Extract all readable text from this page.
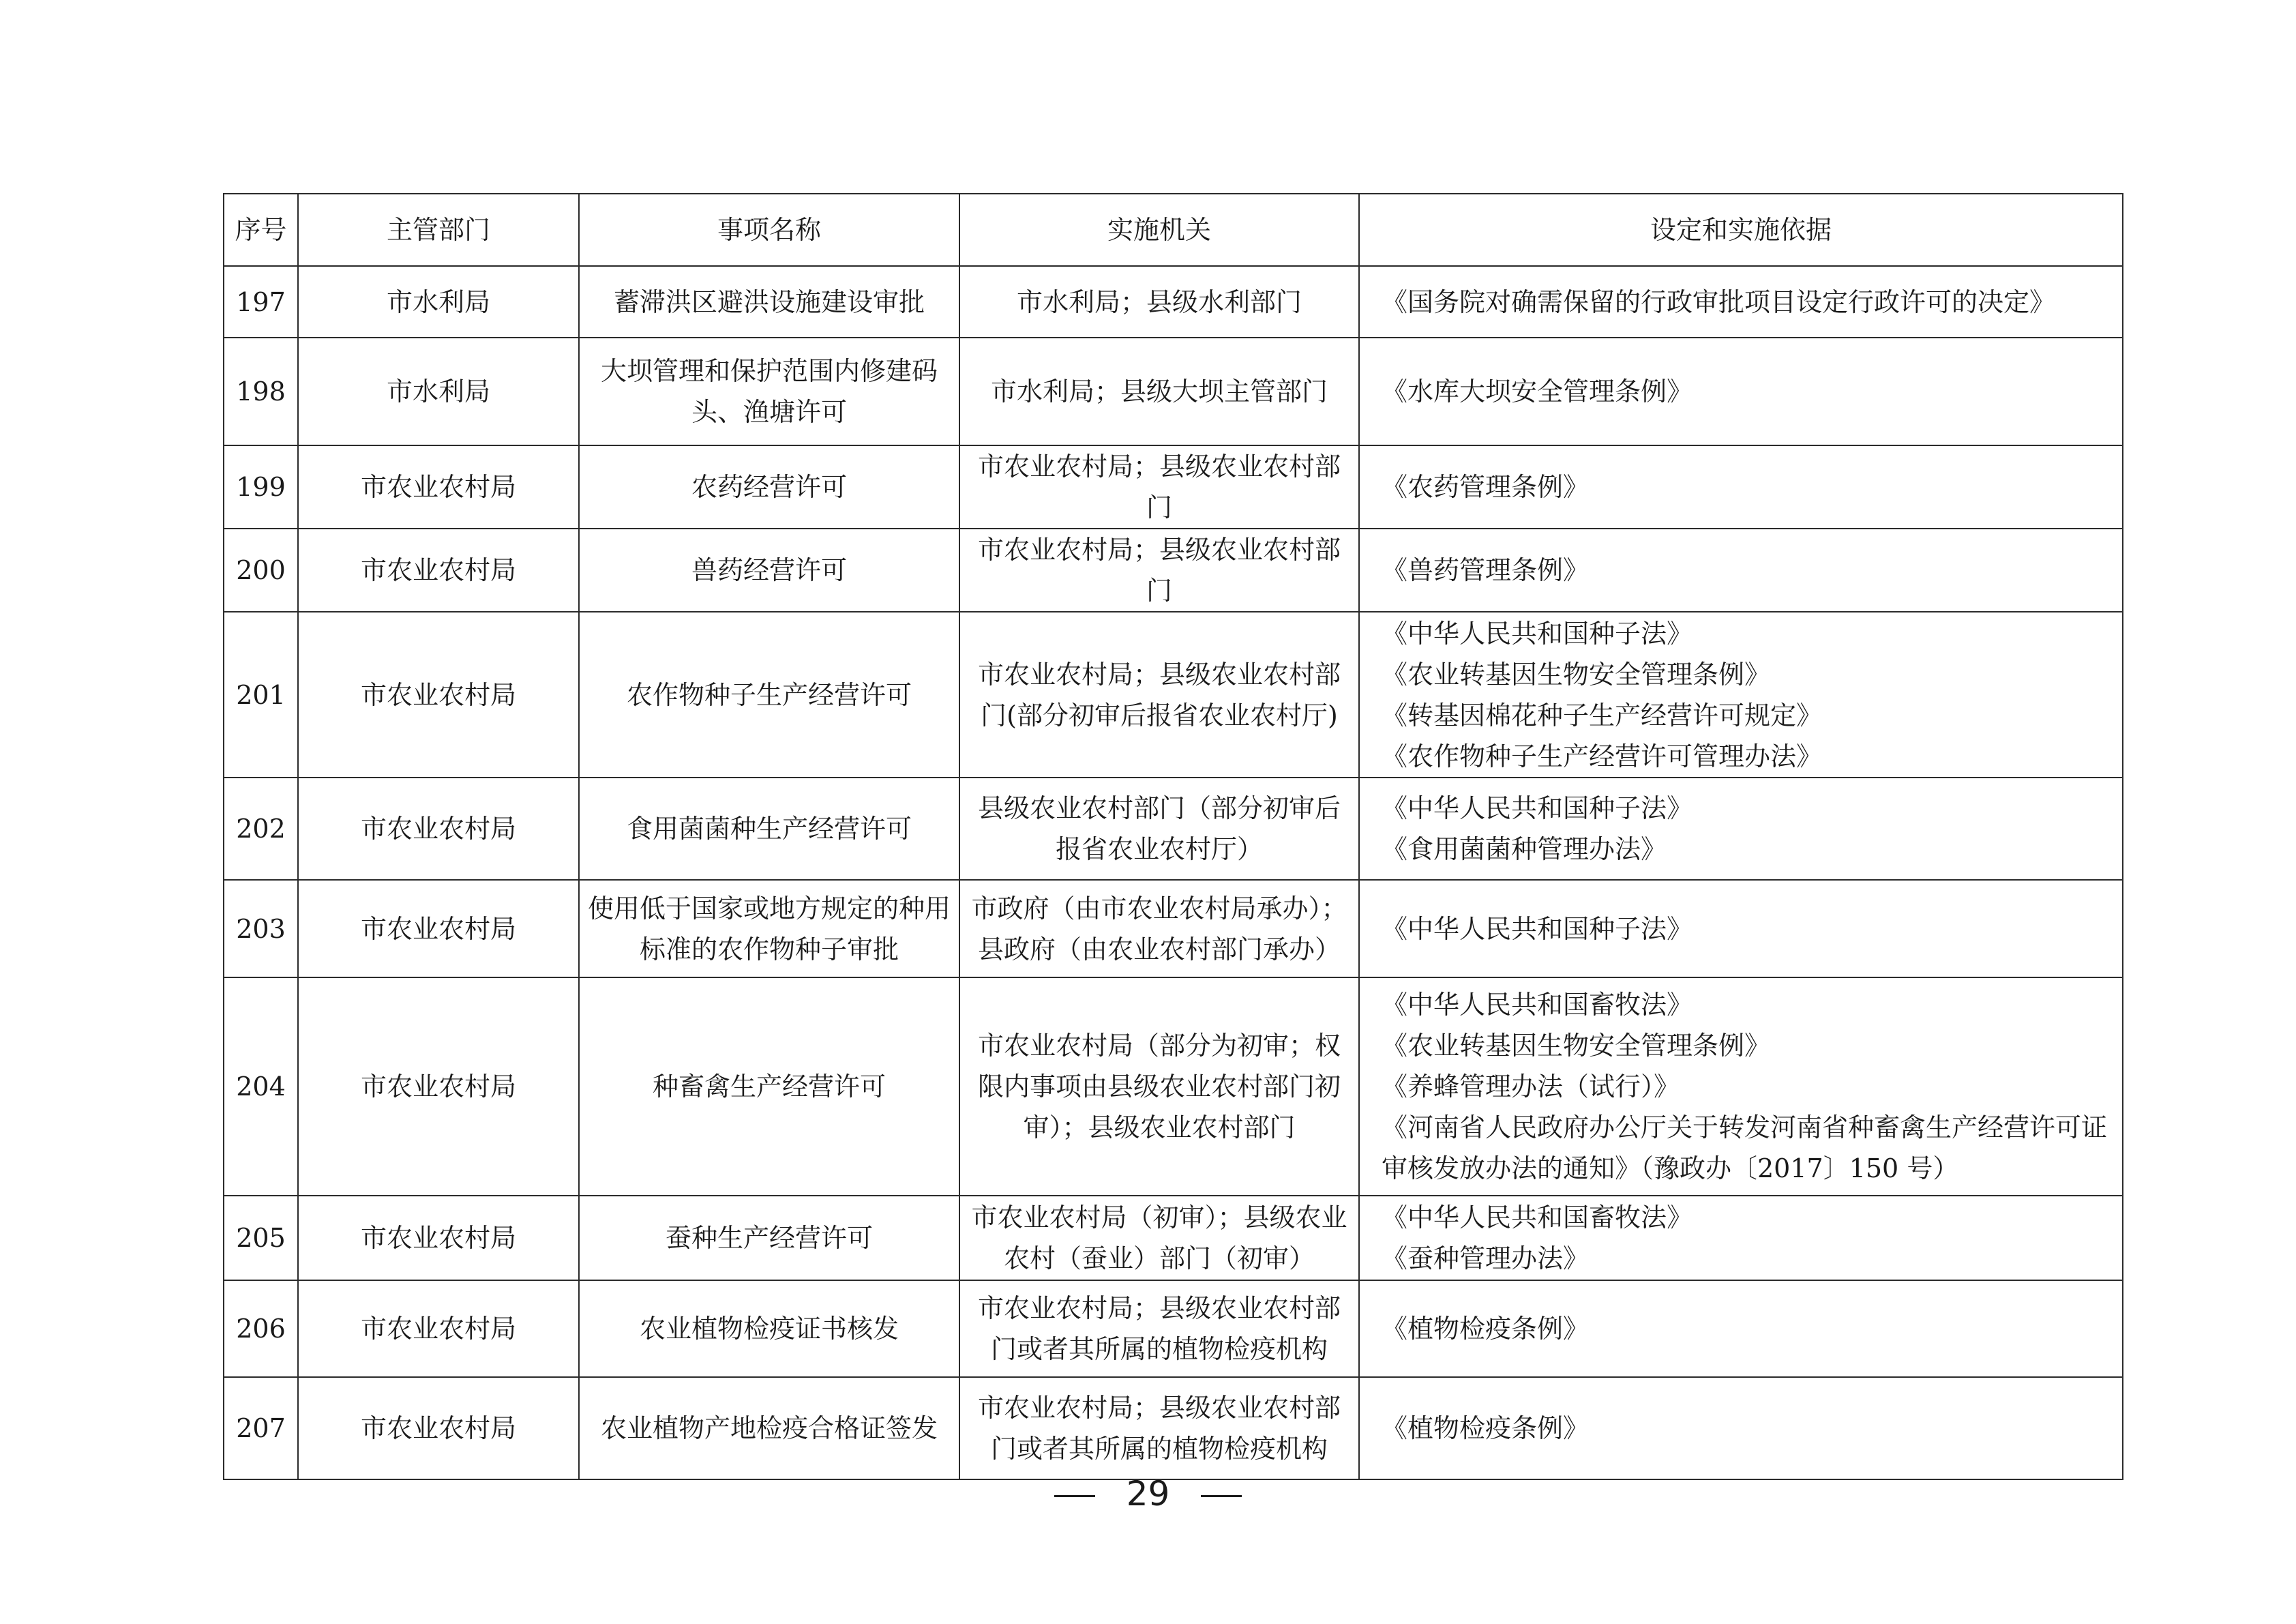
序号	主管部门	事项名称	实施机关	设定和实施依据
197	市水利局	蓄滞洪区避洪设施建设审批	市水利局；县级水利部门	《国务院对确需保留的行政审批项目设定行政许可的决定》

198	市水利局	大坝管理和保护范围内修建码头、渔塘许可	市水利局；县级大坝主管部门	《水库大坝安全管理条例》

199	市农业农村局	农药经营许可	市农业农村局；县级农业农村部门	《农药管理条例》

200	市农业农村局	兽药经营许可	市农业农村局；县级农业农村部门	《兽药管理条例》

201	市农业农村局	农作物种子生产经营许可	市农业农村局；县级农业农村部门(部分初审后报省农业农村厅)	《中华人民共和国种子法》
《农业转基因生物安全管理条例》
《转基因棉花种子生产经营许可规定》
《农作物种子生产经营许可管理办法》

202	市农业农村局	食用菌菌种生产经营许可	县级农业农村部门（部分初审后报省农业农村厅）	《中华人民共和国种子法》
《食用菌菌种管理办法》

203	市农业农村局	使用低于国家或地方规定的种用标准的农作物种子审批	市政府（由市农业农村局承办）；县政府（由农业农村部门承办）	《中华人民共和国种子法》

204	市农业农村局	种畜禽生产经营许可	市农业农村局（部分为初审；权限内事项由县级农业农村部门初审）；县级农业农村部门	《中华人民共和国畜牧法》
《农业转基因生物安全管理条例》
《养蜂管理办法（试行）》
《河南省人民政府办公厅关于转发河南省种畜禽生产经营许可证审核发放办法的通知》（豫政办〔2017〕150 号）

205	市农业农村局	蚕种生产经营许可	市农业农村局（初审）；县级农业农村（蚕业）部门（初审）	《中华人民共和国畜牧法》
《蚕种管理办法》

206	市农业农村局	农业植物检疫证书核发	市农业农村局；县级农业农村部门或者其所属的植物检疫机构	《植物检疫条例》

207	市农业农村局	农业植物产地检疫合格证签发	市农业农村局；县级农业农村部门或者其所属的植物检疫机构	《植物检疫条例》
29
